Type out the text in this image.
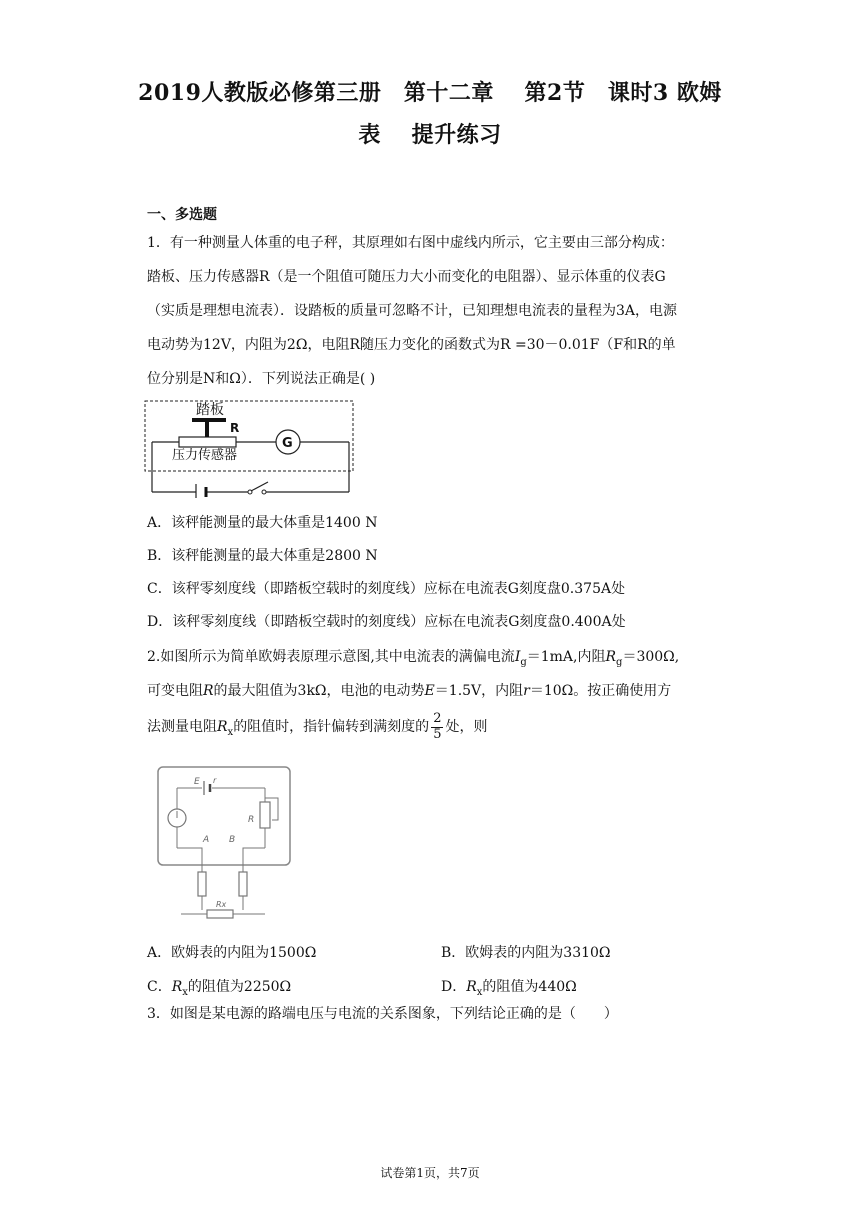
2019人教版必修第三册　第十二章　 第2节　课时3 欧姆
表　 提升练习
一、多选题
1．有一种测量人体重的电子秤，其原理如右图中虚线内所示，它主要由三部分构成：
踏板、压力传感器R（是一个阻值可随压力大小而变化的电阻器）、显示体重的仪表G
（实质是理想电流表）．设踏板的质量可忽略不计，已知理想电流表的量程为3A，电源
电动势为12V，内阻为2Ω，电阻R随压力变化的函数式为R =30－0.01F（F和R的单
位分别是N和Ω）．下列说法正确是( )
踏板
R
压力传感器
G
A．该秤能测量的最大体重是1400 N
B．该秤能测量的最大体重是2800 N
C．该秤零刻度线（即踏板空载时的刻度线）应标在电流表G刻度盘0.375A处
D．该秤零刻度线（即踏板空载时的刻度线）应标在电流表G刻度盘0.400A处
2.如图所示为简单欧姆表原理示意图,其中电流表的满偏电流$I_g=1mA$,内阻$R_g=300\Omega$,
可变电阻R的最大阻值为3kΩ，电池的电动势E＝1.5V，内阻r＝10Ω。按正确使用方
法测量电阻$R_x$的阻值时，指针偏转到满刻度的 $\frac{2}{5}$ 处，则
E r
R
A B
Rx
A．欧姆表的内阻为1500Ω	B．欧姆表的内阻为3310Ω
C．$R_x$的阻值为2250Ω	D．$R_x$的阻值为440Ω
3．如图是某电源的路端电压与电流的关系图象，下列结论正确的是（　　）
试卷第1页，共7页
